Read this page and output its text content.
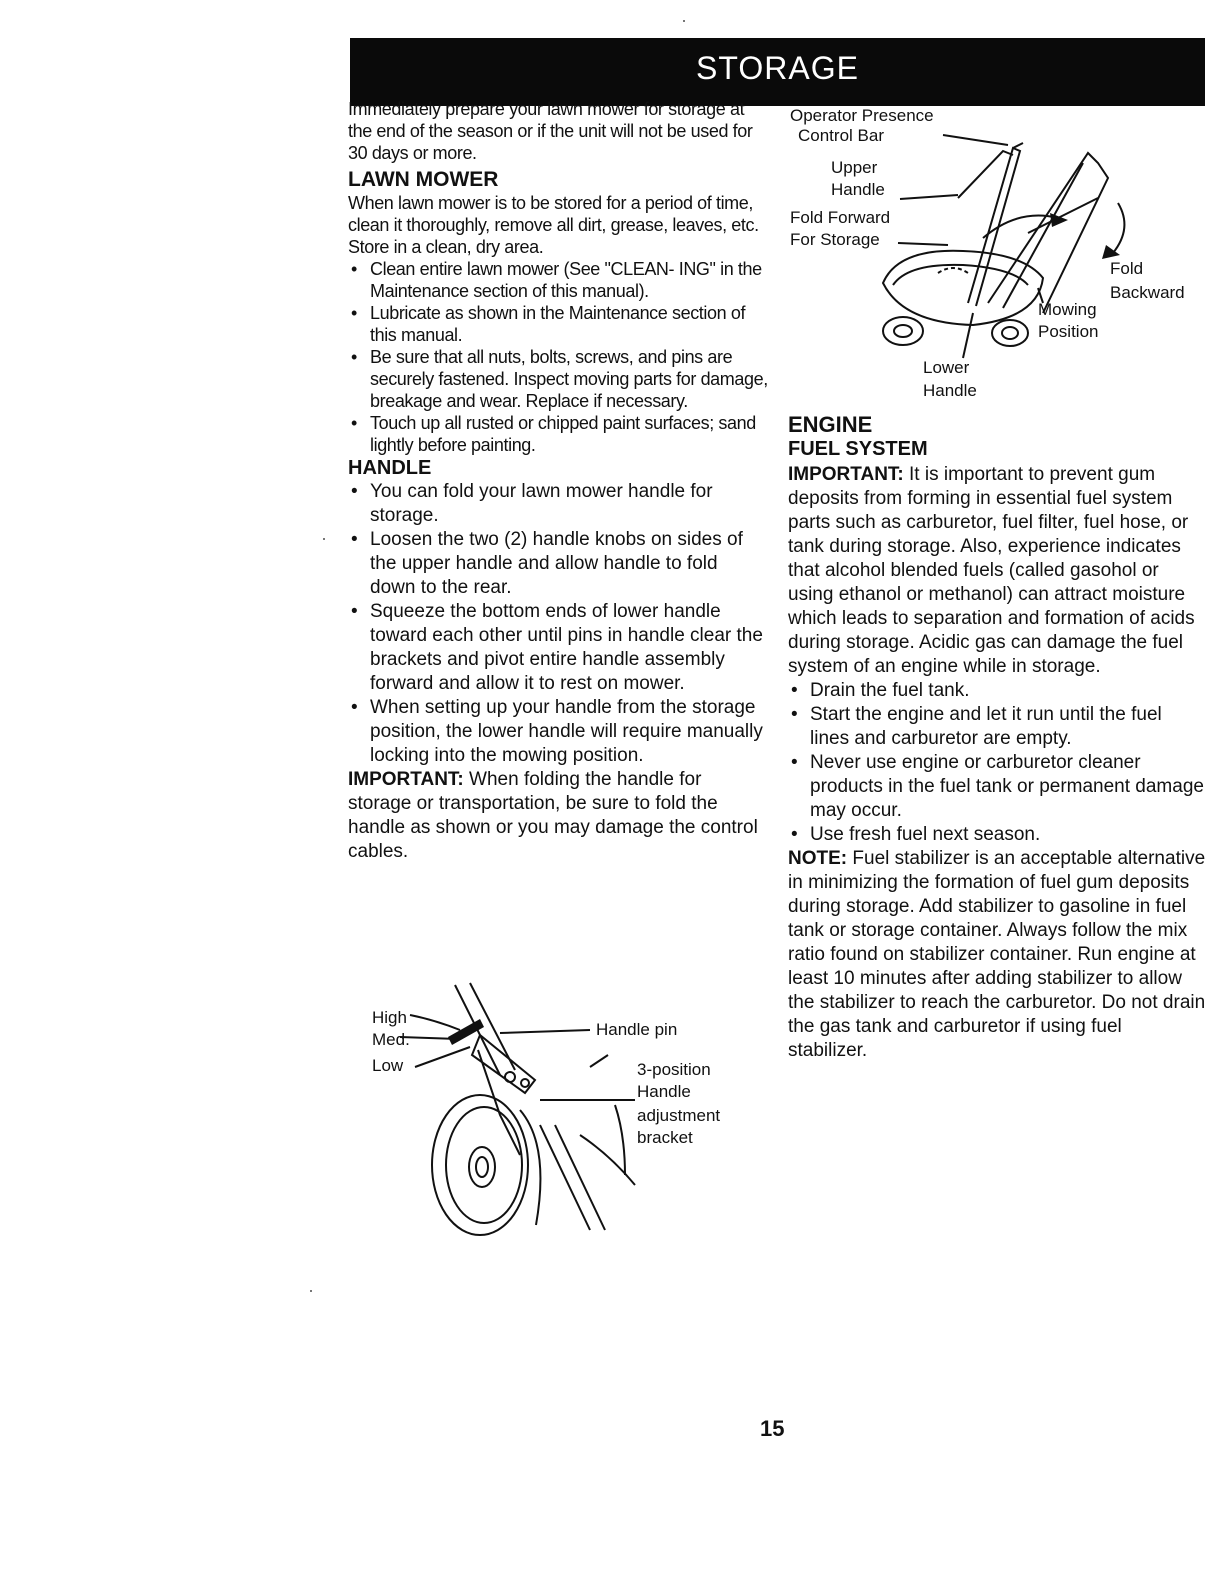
STORAGE

Immediately prepare your lawn mower for storage at the end of the season or if the unit will not be used for 30 days or more.

LAWN MOWER

When lawn mower is to be stored for a period of time, clean it thoroughly, remove all dirt, grease, leaves, etc. Store in a clean, dry area.

• Clean entire lawn mower (See "CLEAN- ING" in the Maintenance section of this manual).
• Lubricate as shown in the Maintenance section of this manual.
• Be sure that all nuts, bolts, screws, and pins are securely fastened. Inspect moving parts for damage, breakage and wear. Replace if necessary.
• Touch up all rusted or chipped paint surfaces; sand lightly before painting.

HANDLE

• You can fold your lawn mower handle for storage.
• Loosen the two (2) handle knobs on sides of the upper handle and allow handle to fold down to the rear.
• Squeeze the bottom ends of lower handle toward each other until pins in handle clear the brackets and pivot entire handle assembly forward and allow it to rest on mower.
• When setting up your handle from the storage position, the lower handle will require manually locking into the mowing position.

IMPORTANT: When folding the handle for storage or transportation, be sure to fold the handle as shown or you may damage the control cables.

High
Med.
Low
Handle pin
3-position
Handle
adjustment
bracket
Operator Presence
Control Bar
Upper
Handle
Fold Forward
For Storage
Fold
Backward
Mowing
Position
Lower
Handle

ENGINE

FUEL SYSTEM

IMPORTANT: It is important to prevent gum deposits from forming in essential fuel system parts such as carburetor, fuel filter, fuel hose, or tank during storage. Also, experience indicates that alcohol blended fuels (called gasohol or using ethanol or methanol) can attract moisture which leads to separation and formation of acids during storage. Acidic gas can damage the fuel system of an engine while in storage.

• Drain the fuel tank.
• Start the engine and let it run until the fuel lines and carburetor are empty.
• Never use engine or carburetor cleaner products in the fuel tank or permanent damage may occur.
• Use fresh fuel next season.

NOTE: Fuel stabilizer is an acceptable alternative in minimizing the formation of fuel gum deposits during storage. Add stabilizer to gasoline in fuel tank or storage container. Always follow the mix ratio found on stabilizer container. Run engine at least 10 minutes after adding stabilizer to allow the stabilizer to reach the carburetor. Do not drain the gas tank and carburetor if using fuel stabilizer.

15
